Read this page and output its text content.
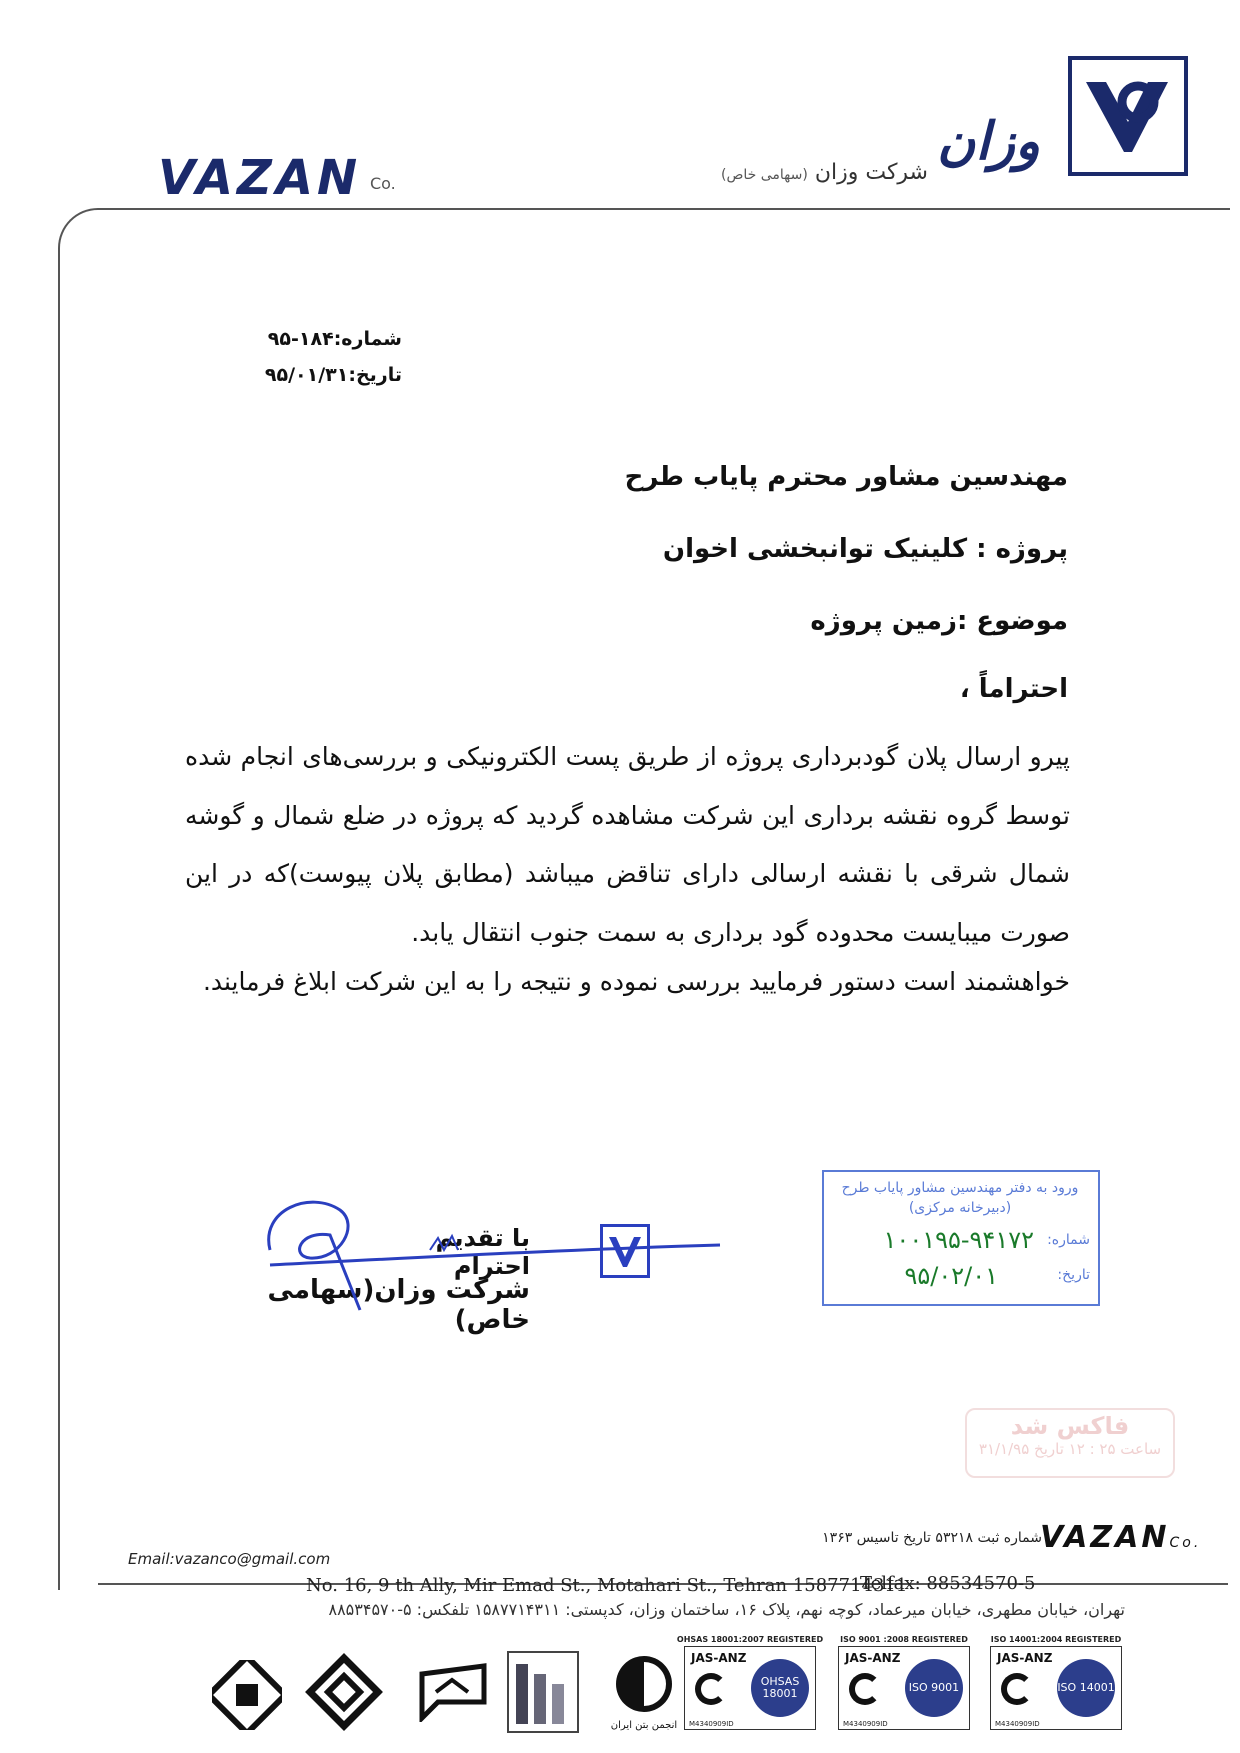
وزان
شرکت وزان (سهامی خاص)
VAZAN Co.
شماره:۱۸۴-۹۵
تاریخ:۹۵/۰۱/۳۱
مهندسین مشاور محترم پایاب طرح
پروژه : کلینیک توانبخشی اخوان
موضوع :زمین پروژه
احتراماً ،
پیرو ارسال پلان گودبرداری پروژه از طریق پست الکترونیکی و بررسی‌های انجام شده توسط گروه نقشه برداری این شرکت مشاهده گردید که پروژه در ضلع شمال و گوشه شمال شرقی با نقشه ارسالی دارای تناقض میباشد (مطابق پلان پیوست)که در این صورت میبایست محدوده گود برداری به سمت جنوب انتقال یابد.
خواهشمند است دستور فرمایید بررسی نموده و نتیجه را به این شرکت ابلاغ فرمایند.
با تقدیم احترام
شرکت وزان(سهامی خاص)
ورود به دفتر مهندسین مشاور پایاب طرح (دبیرخانه مرکزی)
شماره:
۱۰۰۱۹۵-۹۴۱۷۲
تاریخ:
۹۵/۰۲/۰۱
فاکس شد
ساعت ۲۵ : ۱۲ تاریخ ۳۱/۱/۹۵
شماره ثبت ۵۳۲۱۸ تاریخ تاسیس ۱۳۶۳
VAZANCo.
Email:vazanco@gmail.com
No. 16, 9 th Ally, Mir Emad St., Motahari St., Tehran 1587714311
Telfax: 88534570-5
تهران، خیابان مطهری، خیابان میرعماد، کوچه نهم، پلاک ۱۶، ساختمان وزان، کدپستی: ۱۵۸۷۷۱۴۳۱۱ تلفکس: ۵-۸۸۵۳۴۵۷۰
انجمن بتن ایران
OHSAS 18001:2007 REGISTERED
JAS-ANZ
OHSAS 18001
M4340909ID
ISO 9001 :2008 REGISTERED
JAS-ANZ
ISO 9001
M4340909ID
ISO 14001:2004 REGISTERED
JAS-ANZ
ISO 14001
M4340909ID
